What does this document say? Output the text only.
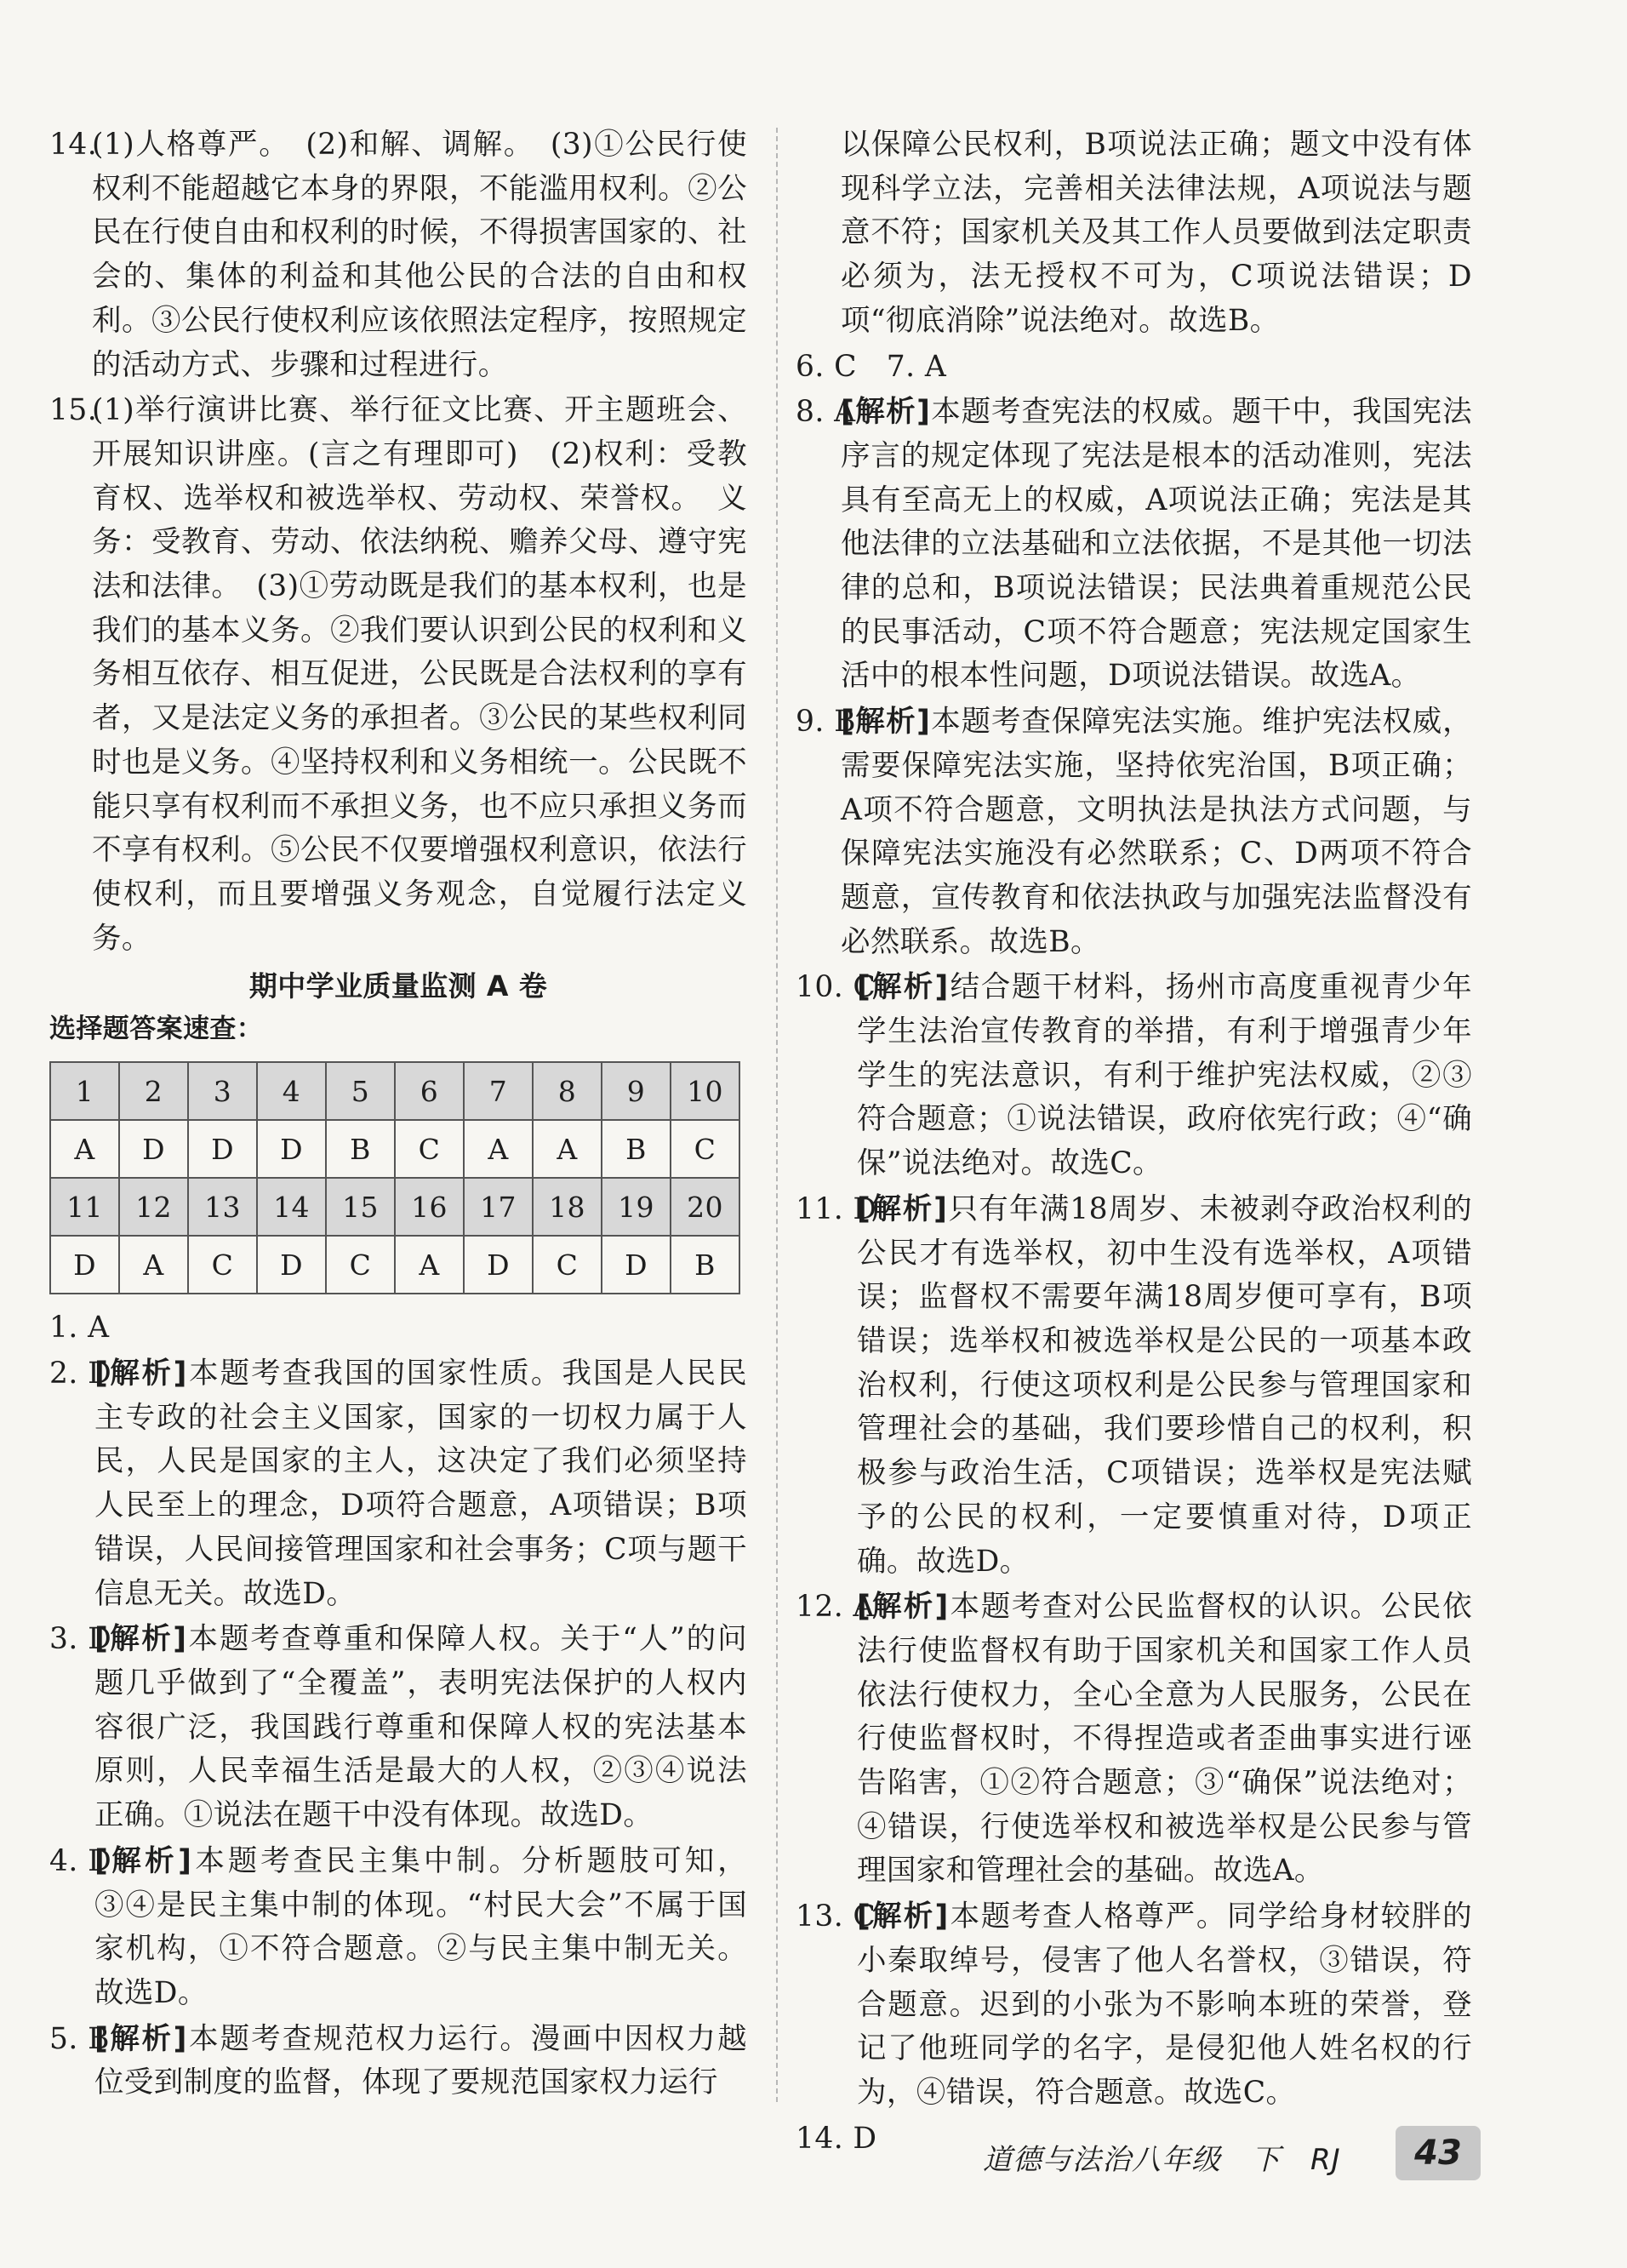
14.
(1)人格尊严。　(2)和解、调解。　(3)①公民行使权利不能超越它本身的界限，不能滥用权利。②公民在行使自由和权利的时候，不得损害国家的、社会的、集体的利益和其他公民的合法的自由和权利。③公民行使权利应该依照法定程序，按照规定的活动方式、步骤和过程进行。
15.
(1)举行演讲比赛、举行征文比赛、开主题班会、开展知识讲座。(言之有理即可)　(2)权利：受教育权、选举权和被选举权、劳动权、荣誉权。　义务：受教育、劳动、依法纳税、赡养父母、遵守宪法和法律。　(3)①劳动既是我们的基本权利，也是我们的基本义务。②我们要认识到公民的权利和义务相互依存、相互促进，公民既是合法权利的享有者，又是法定义务的承担者。③公民的某些权利同时也是义务。④坚持权利和义务相统一。公民既不能只享有权利而不承担义务，也不应只承担义务而不享有权利。⑤公民不仅要增强权利意识，依法行使权利，而且要增强义务观念，自觉履行法定义务。
期中学业质量监测 A 卷
选择题答案速查：
1	2	3	4	5	6	7	8	9	10
A	D	D	D	B	C	A	A	B	C
11	12	13	14	15	16	17	18	19	20
D	A	C	D	C	A	D	C	D	B
1. A
2. D
[解析]本题考查我国的国家性质。我国是人民民主专政的社会主义国家，国家的一切权力属于人民，人民是国家的主人，这决定了我们必须坚持人民至上的理念，D项符合题意，A项错误；B项错误，人民间接管理国家和社会事务；C项与题干信息无关。故选D。
3. D
[解析]本题考查尊重和保障人权。关于“人”的问题几乎做到了“全覆盖”，表明宪法保护的人权内容很广泛，我国践行尊重和保障人权的宪法基本原则，人民幸福生活是最大的人权，②③④说法正确。①说法在题干中没有体现。故选D。
4. D
[解析]本题考查民主集中制。分析题肢可知，③④是民主集中制的体现。“村民大会”不属于国家机构，①不符合题意。②与民主集中制无关。故选D。
5. B
[解析]本题考查规范权力运行。漫画中因权力越位受到制度的监督，体现了要规范国家权力运行
以保障公民权利，B项说法正确；题文中没有体现科学立法，完善相关法律法规，A项说法与题意不符；国家机关及其工作人员要做到法定职责必须为，法无授权不可为，C项说法错误；D项“彻底消除”说法绝对。故选B。
6. C　7. A
8. A
[解析]本题考查宪法的权威。题干中，我国宪法序言的规定体现了宪法是根本的活动准则，宪法具有至高无上的权威，A项说法正确；宪法是其他法律的立法基础和立法依据，不是其他一切法律的总和，B项说法错误；民法典着重规范公民的民事活动，C项不符合题意；宪法规定国家生活中的根本性问题，D项说法错误。故选A。
9. B
[解析]本题考查保障宪法实施。维护宪法权威，需要保障宪法实施，坚持依宪治国，B项正确；A项不符合题意，文明执法是执法方式问题，与保障宪法实施没有必然联系；C、D两项不符合题意，宣传教育和依法执政与加强宪法监督没有必然联系。故选B。
10. C
[解析]结合题干材料，扬州市高度重视青少年学生法治宣传教育的举措，有利于增强青少年学生的宪法意识，有利于维护宪法权威，②③符合题意；①说法错误，政府依宪行政；④“确保”说法绝对。故选C。
11. D
[解析]只有年满18周岁、未被剥夺政治权利的公民才有选举权，初中生没有选举权，A项错误；监督权不需要年满18周岁便可享有，B项错误；选举权和被选举权是公民的一项基本政治权利，行使这项权利是公民参与管理国家和管理社会的基础，我们要珍惜自己的权利，积极参与政治生活，C项错误；选举权是宪法赋予的公民的权利，一定要慎重对待，D项正确。故选D。
12. A
[解析]本题考查对公民监督权的认识。公民依法行使监督权有助于国家机关和国家工作人员依法行使权力，全心全意为人民服务，公民在行使监督权时，不得捏造或者歪曲事实进行诬告陷害，①②符合题意；③“确保”说法绝对；④错误，行使选举权和被选举权是公民参与管理国家和管理社会的基础。故选A。
13. C
[解析]本题考查人格尊严。同学给身材较胖的小秦取绰号，侵害了他人名誉权，③错误，符合题意。迟到的小张为不影响本班的荣誉，登记了他班同学的名字，是侵犯他人姓名权的行为，④错误，符合题意。故选C。
14. D
道德与法治八年级　下　RJ	43
